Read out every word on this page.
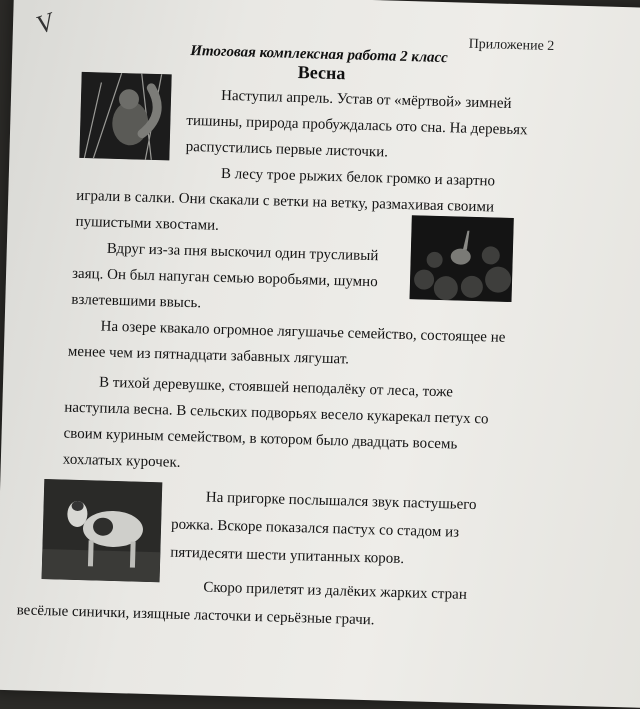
V
Приложение 2
Итоговая комплексная работа 2 класс
Весна
Наступил апрель. Устав от «мёртвой» зимней
тишины, природа пробуждалась ото сна. На деревьях
распустились первые листочки.
В лесу трое рыжих белок громко и азартно
играли в салки. Они скакали с ветки на ветку, размахивая своими
пушистыми хвостами.
Вдруг из-за пня выскочил один трусливый
заяц. Он был напуган семью воробьями, шумно
взлетевшими ввысь.
На озере квакало огромное лягушачье семейство, состоящее не
менее чем из пятнадцати забавных лягушат.
В тихой деревушке, стоявшей неподалёку от леса, тоже
наступила весна. В сельских подворьях весело кукарекал петух со
своим куриным семейством, в котором было двадцать восемь
хохлатых курочек.
На пригорке послышался звук пастушьего
рожка. Вскоре показался пастух со стадом из
пятидесяти шести упитанных коров.
Скоро прилетят из далёких жарких стран
весёлые синички, изящные ласточки и серьёзные грачи.
